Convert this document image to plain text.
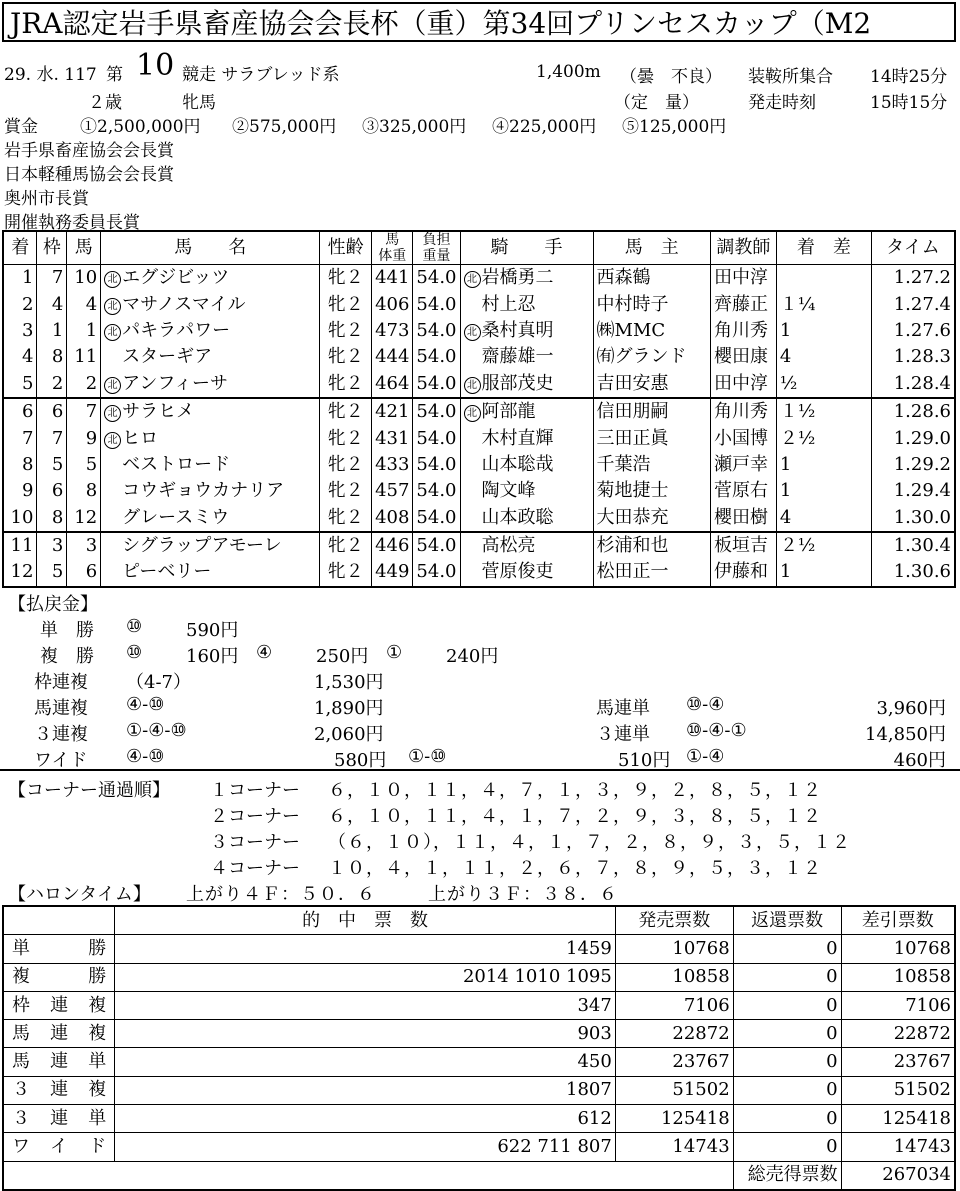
JRA認定岩手県畜産協会会長杯（重）第34回プリンセスカップ（M2
29. 水. 117 第 10 競走 サラブレッド系	1,400m （曇　不良） 装鞍所集合 14時25分
２歳	牝馬	（定　量）	発走時刻	15時15分
賞金 ①2,500,000円 ②575,000円 ③325,000円 ④225,000円 ⑤125,000円
岩手県畜産協会会長賞
日本軽種馬協会会長賞
奥州市長賞
開催執務委員長賞
着	枠	馬	馬　　名	性齢	馬
体重	負担
重量	騎　　手	馬　主	調教師	着　差	タイム
1	7	10	北 エグジビッツ	牝２	441	54.0	北 岩橋勇二	西森鶴	田中淳		1.27.2
2	4	4	北 マサノスマイル	牝２	406	54.0	村上忍	中村時子	齊藤正	１¼	1.27.4
3	1	1	北 パキラパワー	牝２	473	54.0	北 桑村真明	㈱MMC	角川秀	1	1.27.6
4	8	11	スターギア	牝２	444	54.0	齋藤雄一	㈲グランド	櫻田康	4	1.28.3
5	2	2	北 アンフィーサ	牝２	464	54.0	北 服部茂史	吉田安惠	田中淳	½	1.28.4
6	6	7	北 サラヒメ	牝２	421	54.0	北 阿部龍	信田朋嗣	角川秀	１½	1.28.6
7	7	9	北 ヒロ	牝２	431	54.0	木村直輝	三田正眞	小国博	２½	1.29.0
8	5	5	ベストロード	牝２	433	54.0	山本聡哉	千葉浩	瀬戸幸	1	1.29.2
9	6	8	コウギョウカナリア	牝２	457	54.0	陶文峰	菊地捷士	菅原右	1	1.29.4
10	8	12	グレースミウ	牝２	408	54.0	山本政聡	大田恭充	櫻田樹	4	1.30.0
11	3	3	シグラップアモーレ	牝２	446	54.0	高松亮	杉浦和也	板垣吉	２½	1.30.4
12	5	6	ピーベリー	牝２	449	54.0	菅原俊吏	松田正一	伊藤和	1	1.30.6
【払戻金】
単　勝 ⑩ 590円
複　勝 ⑩ 160円 ④ 250円 ① 240円
枠連複 （4-7）	1,530円
馬連複 ④-⑩	1,890円	馬連単 ⑩-④	3,960円
３連複 ①-④-⑩	2,060円	３連単 ⑩-④-①	14,850円
ワイド ④-⑩	580円 ①-⑩	510円 ①-④	460円
【コーナー通過順】 １コーナー ６，１０，１１，４，７，１，３，９，２，８，５，１２
２コーナー ６，１０，１１，４，１，７，２，９，３，８，５，１２
３コーナー （６，１０），１１，４，１，７，２，８，９，３，５，１２
４コーナー １０，４，１，１１，２，６，７，８，９，５，３，１２
【ハロンタイム】 上がり４Ｆ：５０．６	上がり３Ｆ：３８．６
	的　中　票　数	発売票数	返還票数	差引票数
単勝	1459	10768	0	10768
複勝	2014 1010 1095	10858	0	10858
枠連複	347	7106	0	7106
馬連複	903	22872	0	22872
馬連単	450	23767	0	23767
３連複	1807	51502	0	51502
３連単	612	125418	0	125418
ワイド	622 711 807	14743	0	14743
			総売得票数	267034
